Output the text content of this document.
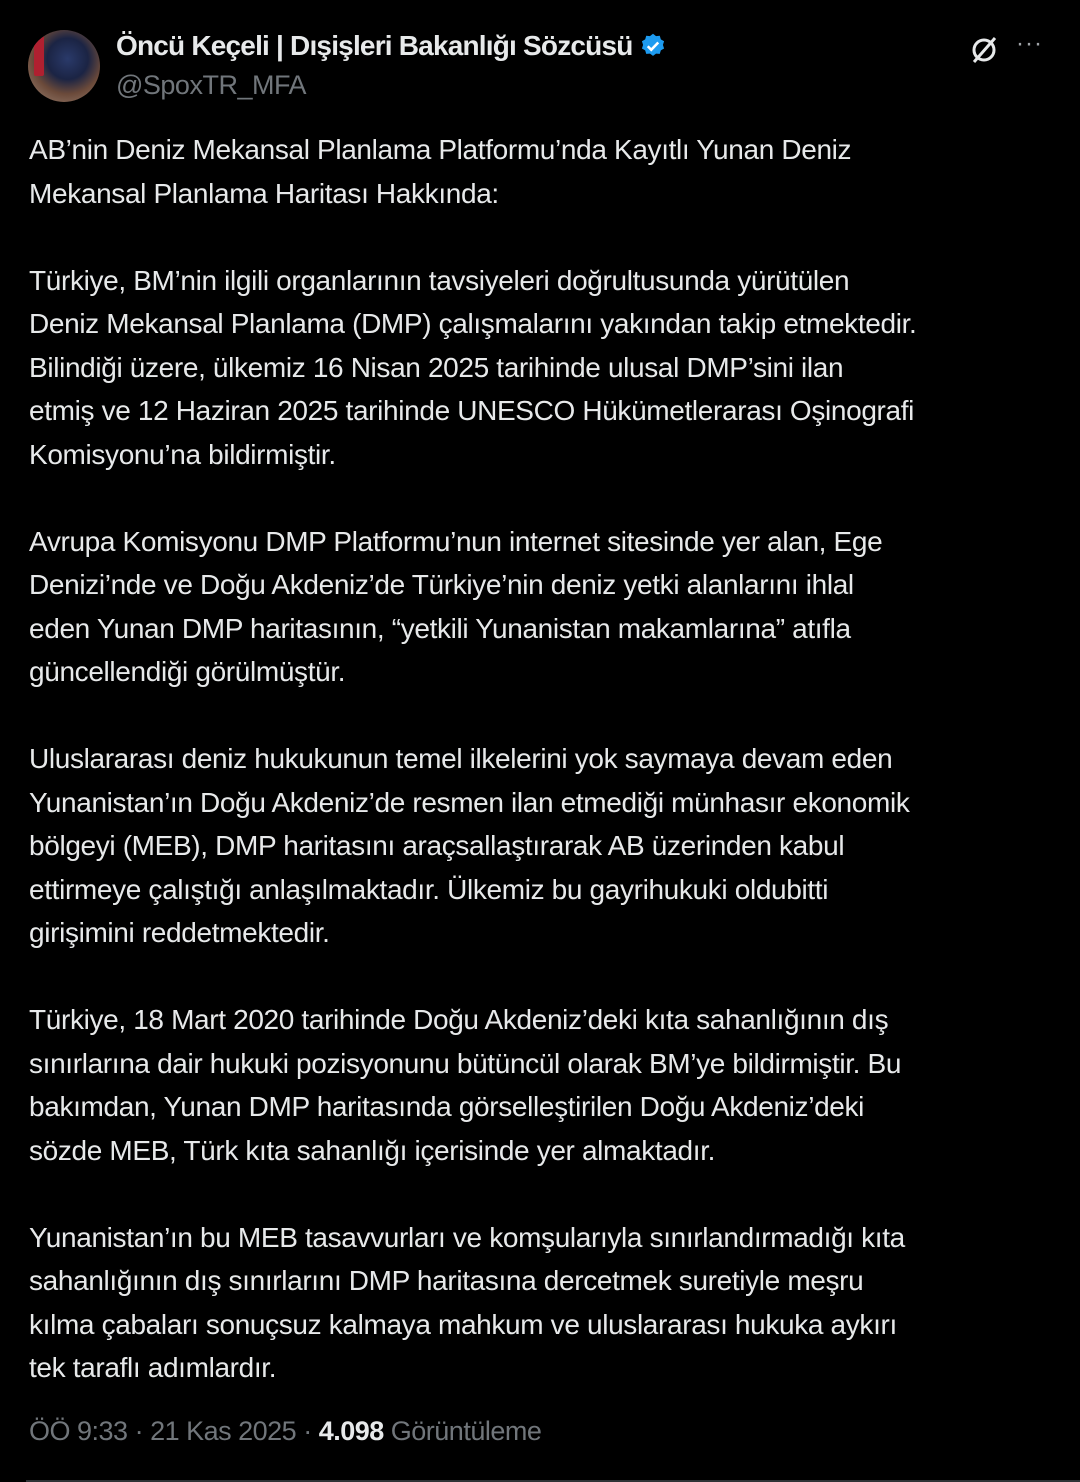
Öncü Keçeli | Dışişleri Bakanlığı Sözcüsü
@SpoxTR_MFA
···
AB’nin Deniz Mekansal Planlama Platformu’nda Kayıtlı Yunan Deniz
Mekansal Planlama Haritası Hakkında:
Türkiye, BM’nin ilgili organlarının tavsiyeleri doğrultusunda yürütülen
Deniz Mekansal Planlama (DMP) çalışmalarını yakından takip etmektedir.
Bilindiği üzere, ülkemiz 16 Nisan 2025 tarihinde ulusal DMP’sini ilan
etmiş ve 12 Haziran 2025 tarihinde UNESCO Hükümetlerarası Oşinografi
Komisyonu’na bildirmiştir.
Avrupa Komisyonu DMP Platformu’nun internet sitesinde yer alan, Ege
Denizi’nde ve Doğu Akdeniz’de Türkiye’nin deniz yetki alanlarını ihlal
eden Yunan DMP haritasının, “yetkili Yunanistan makamlarına” atıfla
güncellendiği görülmüştür.
Uluslararası deniz hukukunun temel ilkelerini yok saymaya devam eden
Yunanistan’ın Doğu Akdeniz’de resmen ilan etmediği münhasır ekonomik
bölgeyi (MEB), DMP haritasını araçsallaştırarak AB üzerinden kabul
ettirmeye çalıştığı anlaşılmaktadır. Ülkemiz bu gayrihukuki oldubitti
girişimini reddetmektedir.
Türkiye, 18 Mart 2020 tarihinde Doğu Akdeniz’deki kıta sahanlığının dış
sınırlarına dair hukuki pozisyonunu bütüncül olarak BM’ye bildirmiştir. Bu
bakımdan, Yunan DMP haritasında görselleştirilen Doğu Akdeniz’deki
sözde MEB, Türk kıta sahanlığı içerisinde yer almaktadır.
Yunanistan’ın bu MEB tasavvurları ve komşularıyla sınırlandırmadığı kıta
sahanlığının dış sınırlarını DMP haritasına dercetmek suretiyle meşru
kılma çabaları sonuçsuz kalmaya mahkum ve uluslararası hukuka aykırı
tek taraflı adımlardır.
ÖÖ 9:33 · 21 Kas 2025 · 4.098 Görüntüleme
